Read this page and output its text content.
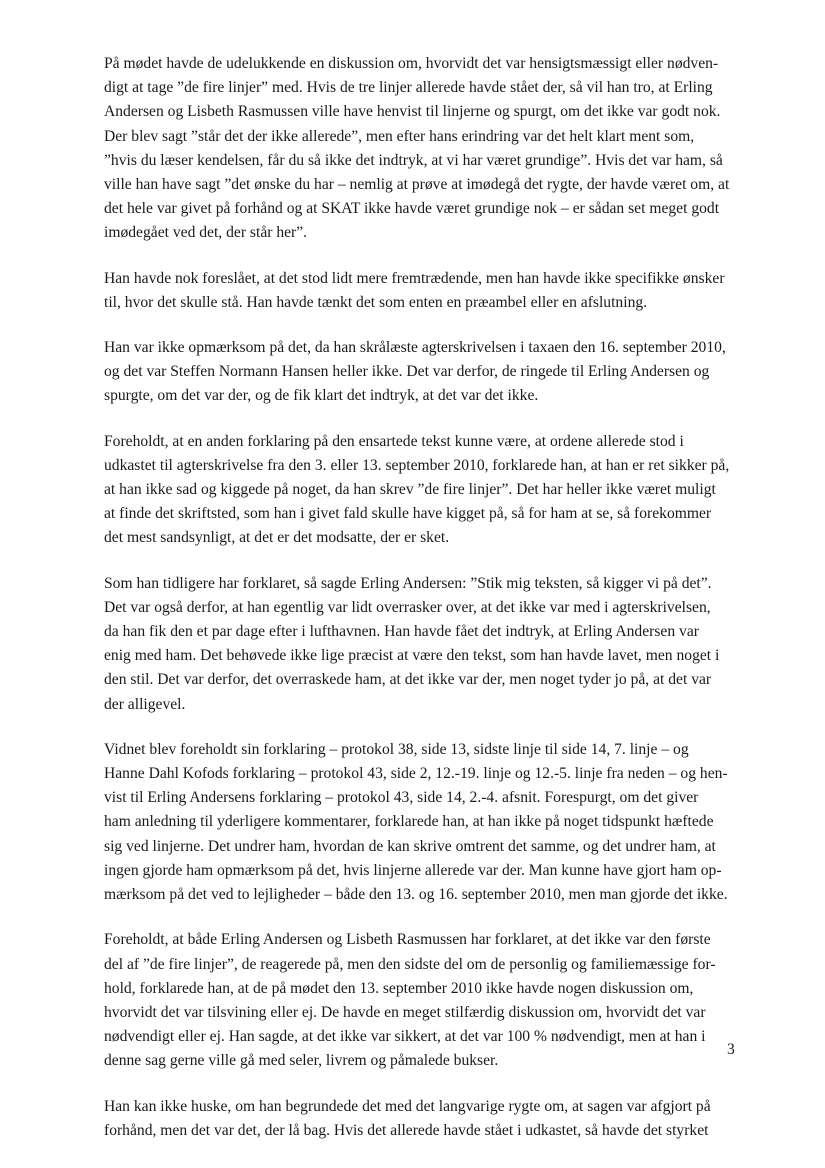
På mødet havde de udelukkende en diskussion om, hvorvidt det var hensigtsmæssigt eller nødven-
digt at tage ”de fire linjer” med. Hvis de tre linjer allerede havde stået der, så vil han tro, at Erling
Andersen og Lisbeth Rasmussen ville have henvist til linjerne og spurgt, om det ikke var godt nok.
Der blev sagt ”står det der ikke allerede”, men efter hans erindring var det helt klart ment som,
”hvis du læser kendelsen, får du så ikke det indtryk, at vi har været grundige”. Hvis det var ham, så
ville han have sagt ”det ønske du har – nemlig at prøve at imødegå det rygte, der havde været om, at
det hele var givet på forhånd og at SKAT ikke havde været grundige nok – er sådan set meget godt
imødegået ved det, der står her”.

Han havde nok foreslået, at det stod lidt mere fremtrædende, men han havde ikke specifikke ønsker
til, hvor det skulle stå. Han havde tænkt det som enten en præambel eller en afslutning.

Han var ikke opmærksom på det, da han skrålæste agterskrivelsen i taxaen den 16. september 2010,
og det var Steffen Normann Hansen heller ikke. Det var derfor, de ringede til Erling Andersen og
spurgte, om det var der, og de fik klart det indtryk, at det var det ikke.

Foreholdt, at en anden forklaring på den ensartede tekst kunne være, at ordene allerede stod i
udkastet til agterskrivelse fra den 3. eller 13. september 2010, forklarede han, at han er ret sikker på,
at han ikke sad og kiggede på noget, da han skrev ”de fire linjer”. Det har heller ikke været muligt
at finde det skriftsted, som han i givet fald skulle have kigget på, så for ham at se, så forekommer
det mest sandsynligt, at det er det modsatte, der er sket.

Som han tidligere har forklaret, så sagde Erling Andersen: ”Stik mig teksten, så kigger vi på det”.
Det var også derfor, at han egentlig var lidt overrasker over, at det ikke var med i agterskrivelsen,
da han fik den et par dage efter i lufthavnen. Han havde fået det indtryk, at Erling Andersen var
enig med ham. Det behøvede ikke lige præcist at være den tekst, som han havde lavet, men noget i
den stil. Det var derfor, det overraskede ham, at det ikke var der, men noget tyder jo på, at det var
der alligevel.

Vidnet blev foreholdt sin forklaring – protokol 38, side 13, sidste linje til side 14, 7. linje – og
Hanne Dahl Kofods forklaring – protokol 43, side 2, 12.-19. linje og 12.-5. linje fra neden – og hen-
vist til Erling Andersens forklaring – protokol 43, side 14, 2.-4. afsnit. Forespurgt, om det giver
ham anledning til yderligere kommentarer, forklarede han, at han ikke på noget tidspunkt hæftede
sig ved linjerne. Det undrer ham, hvordan de kan skrive omtrent det samme, og det undrer ham, at
ingen gjorde ham opmærksom på det, hvis linjerne allerede var der. Man kunne have gjort ham op-
mærksom på det ved to lejligheder – både den 13. og 16. september 2010, men man gjorde det ikke.

Foreholdt, at både Erling Andersen og Lisbeth Rasmussen har forklaret, at det ikke var den første
del af ”de fire linjer”, de reagerede på, men den sidste del om de personlig og familiemæssige for-
hold, forklarede han, at de på mødet den 13. september 2010 ikke havde nogen diskussion om,
hvorvidt det var tilsvining eller ej. De havde en meget stilfærdig diskussion om, hvorvidt det var
nødvendigt eller ej. Han sagde, at det ikke var sikkert, at det var 100 % nødvendigt, men at han i
denne sag gerne ville gå med seler, livrem og påmalede bukser.

Han kan ikke huske, om han begrundede det med det langvarige rygte om, at sagen var afgjort på
forhånd, men det var det, der lå bag. Hvis det allerede havde stået i udkastet, så havde det styrket

3
